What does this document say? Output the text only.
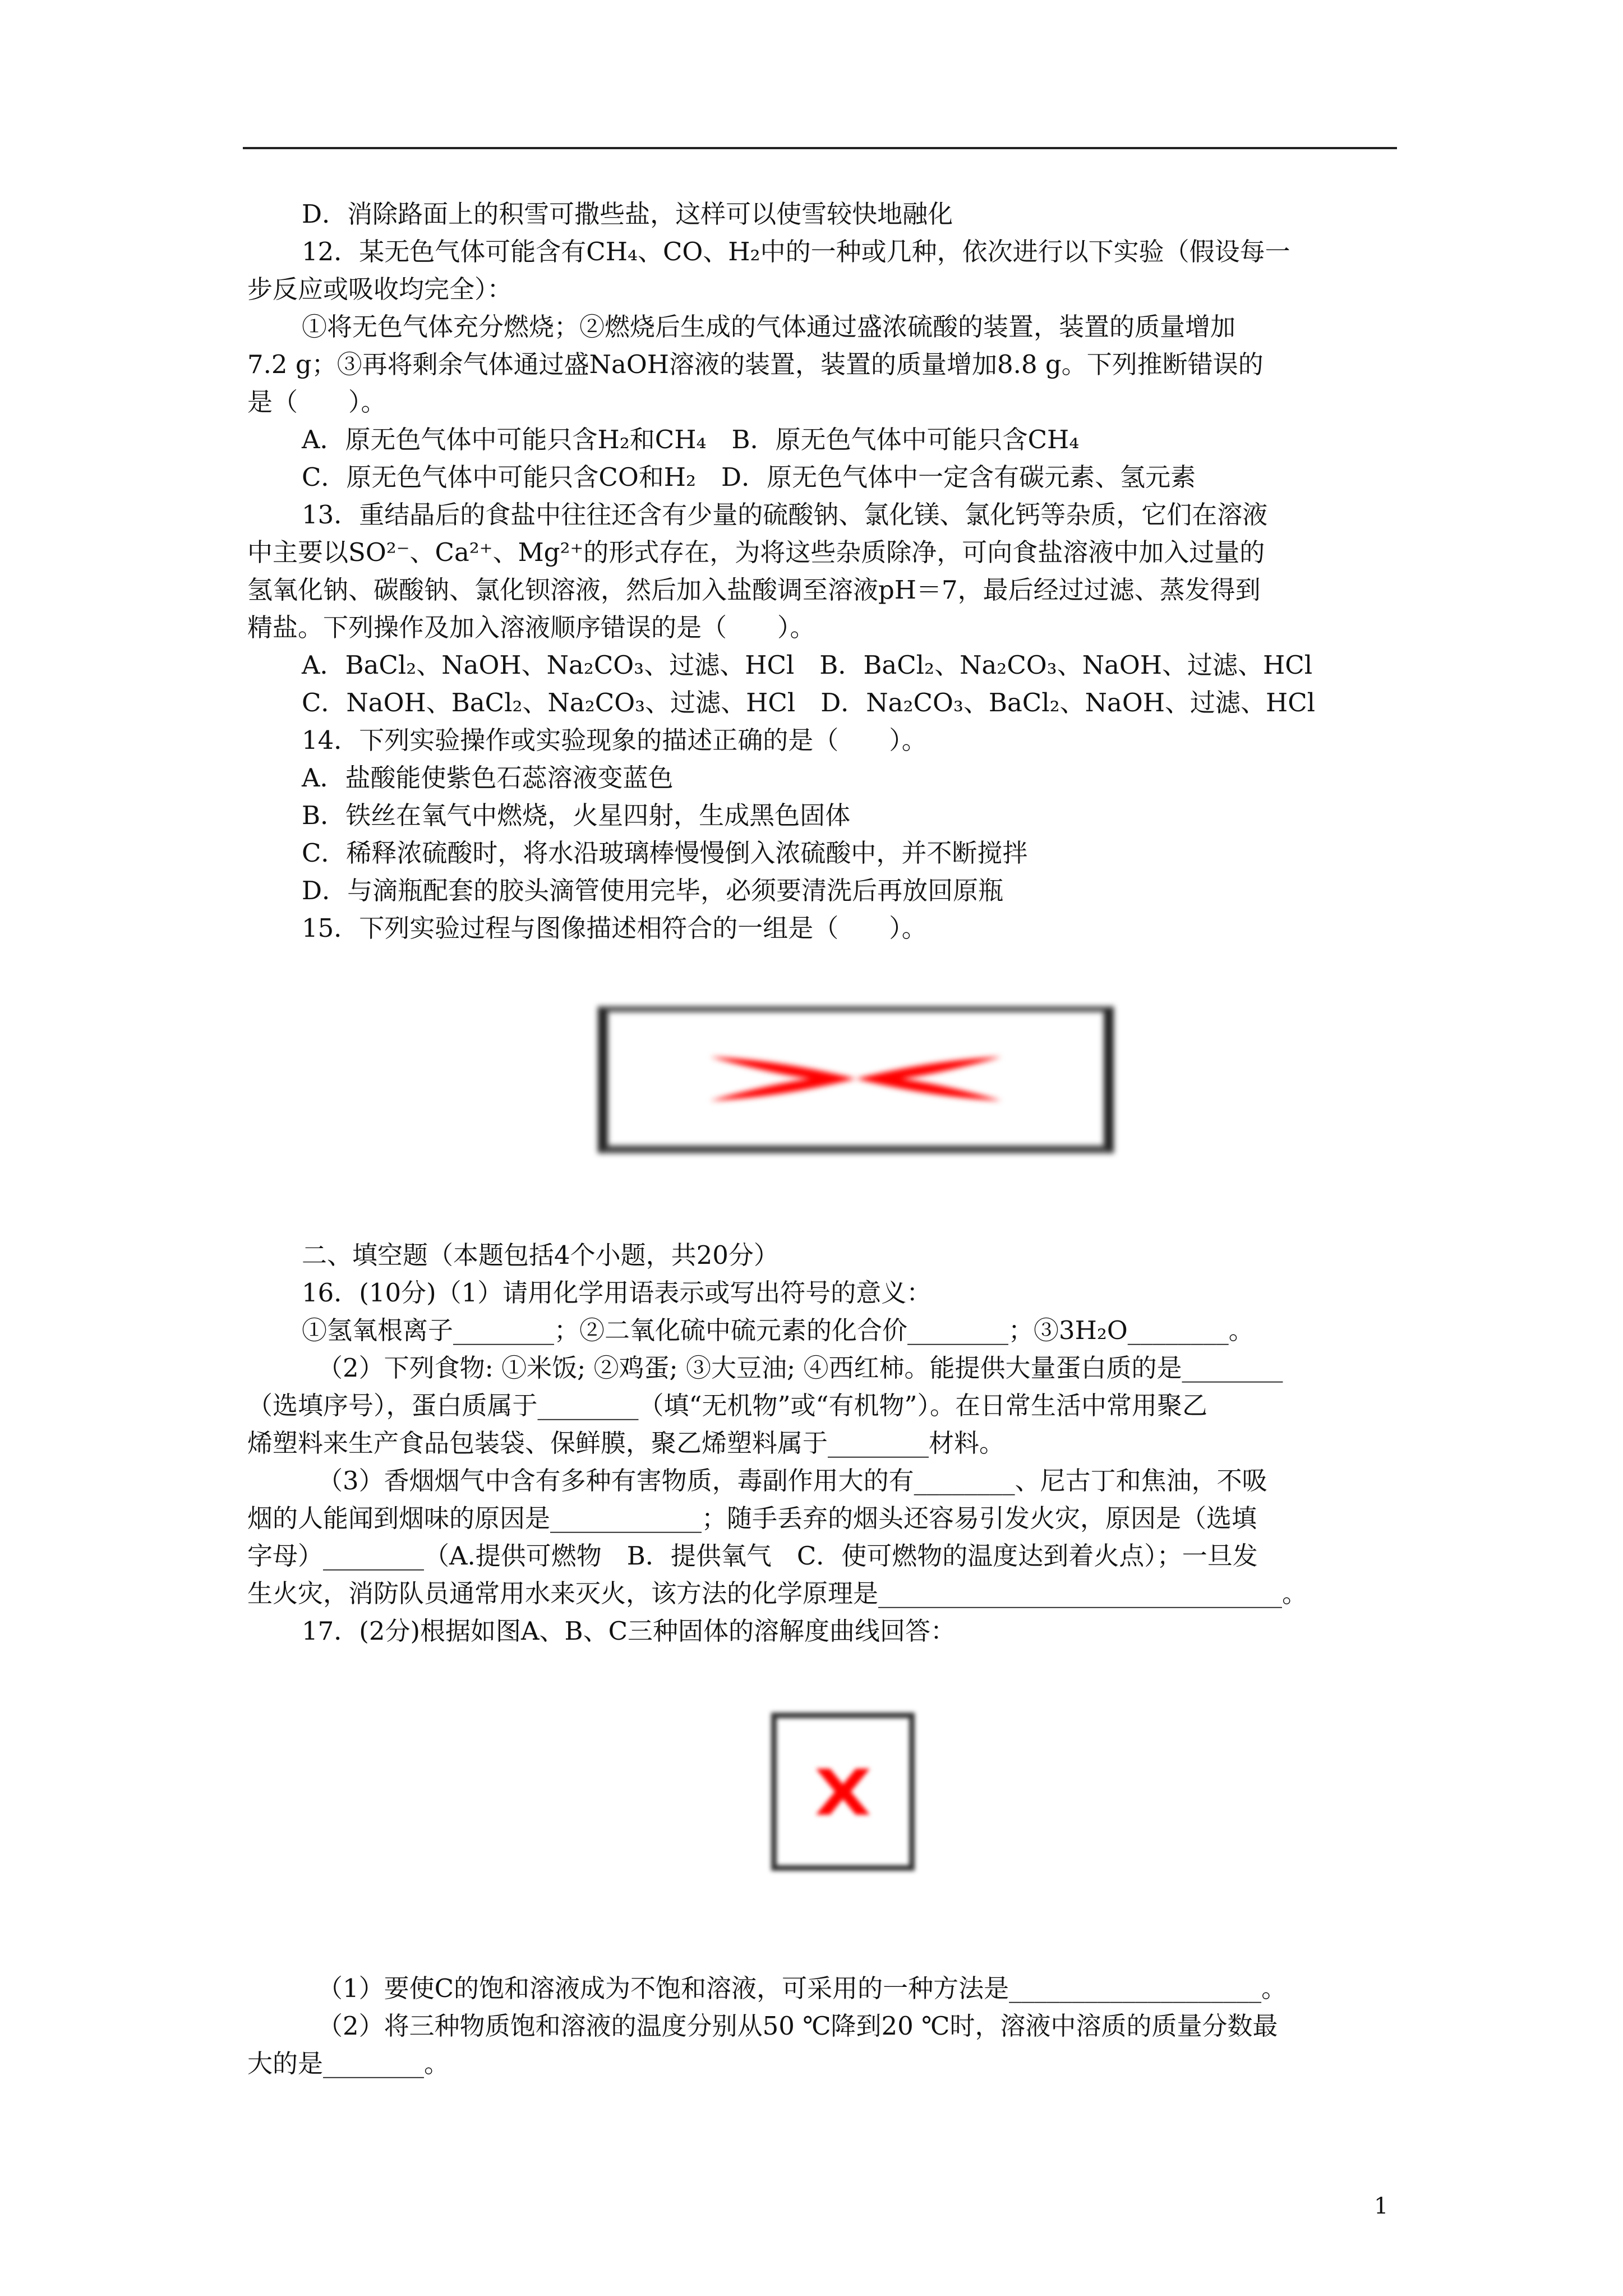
D．消除路面上的积雪可撒些盐，这样可以使雪较快地融化
12．某无色气体可能含有CH₄、CO、H₂中的一种或几种，依次进行以下实验（假设每一
步反应或吸收均完全）：
①将无色气体充分燃烧；②燃烧后生成的气体通过盛浓硫酸的装置，装置的质量增加
7.2 g；③再将剩余气体通过盛NaOH溶液的装置，装置的质量增加8.8 g。下列推断错误的
是（　　）。
A．原无色气体中可能只含H₂和CH₄　B．原无色气体中可能只含CH₄
C．原无色气体中可能只含CO和H₂　D．原无色气体中一定含有碳元素、氢元素
13．重结晶后的食盐中往往还含有少量的硫酸钠、氯化镁、氯化钙等杂质，它们在溶液
中主要以SO²⁻、Ca²⁺、Mg²⁺的形式存在，为将这些杂质除净，可向食盐溶液中加入过量的
氢氧化钠、碳酸钠、氯化钡溶液，然后加入盐酸调至溶液pH＝7，最后经过过滤、蒸发得到
精盐。下列操作及加入溶液顺序错误的是（　　）。
A．BaCl₂、NaOH、Na₂CO₃、过滤、HCl　B．BaCl₂、Na₂CO₃、NaOH、过滤、HCl
C．NaOH、BaCl₂、Na₂CO₃、过滤、HCl　D．Na₂CO₃、BaCl₂、NaOH、过滤、HCl
14．下列实验操作或实验现象的描述正确的是（　　）。
A．盐酸能使紫色石蕊溶液变蓝色
B．铁丝在氧气中燃烧，火星四射，生成黑色固体
C．稀释浓硫酸时，将水沿玻璃棒慢慢倒入浓硫酸中，并不断搅拌
D．与滴瓶配套的胶头滴管使用完毕，必须要清洗后再放回原瓶
15．下列实验过程与图像描述相符合的一组是（　　）。
二、填空题（本题包括4个小题，共20分）
16．(10分)（1）请用化学用语表示或写出符号的意义：
①氢氧根离子________；②二氧化硫中硫元素的化合价________；③3H₂O________。
（2）下列食物: ①米饭; ②鸡蛋; ③大豆油; ④西红柿。能提供大量蛋白质的是________
（选填序号），蛋白质属于________（填“无机物”或“有机物”）。在日常生活中常用聚乙
烯塑料来生产食品包装袋、保鲜膜，聚乙烯塑料属于________材料。
（3）香烟烟气中含有多种有害物质，毒副作用大的有________、尼古丁和焦油，不吸
烟的人能闻到烟味的原因是____________；随手丢弃的烟头还容易引发火灾，原因是（选填
字母）________（A.提供可燃物　B．提供氧气　C．使可燃物的温度达到着火点）；一旦发
生火灾，消防队员通常用水来灭火，该方法的化学原理是________________________________。
17．(2分)根据如图A、B、C三种固体的溶解度曲线回答：
（1）要使C的饱和溶液成为不饱和溶液，可采用的一种方法是____________________。
（2）将三种物质饱和溶液的温度分别从50 ℃降到20 ℃时，溶液中溶质的质量分数最
大的是________。
1
